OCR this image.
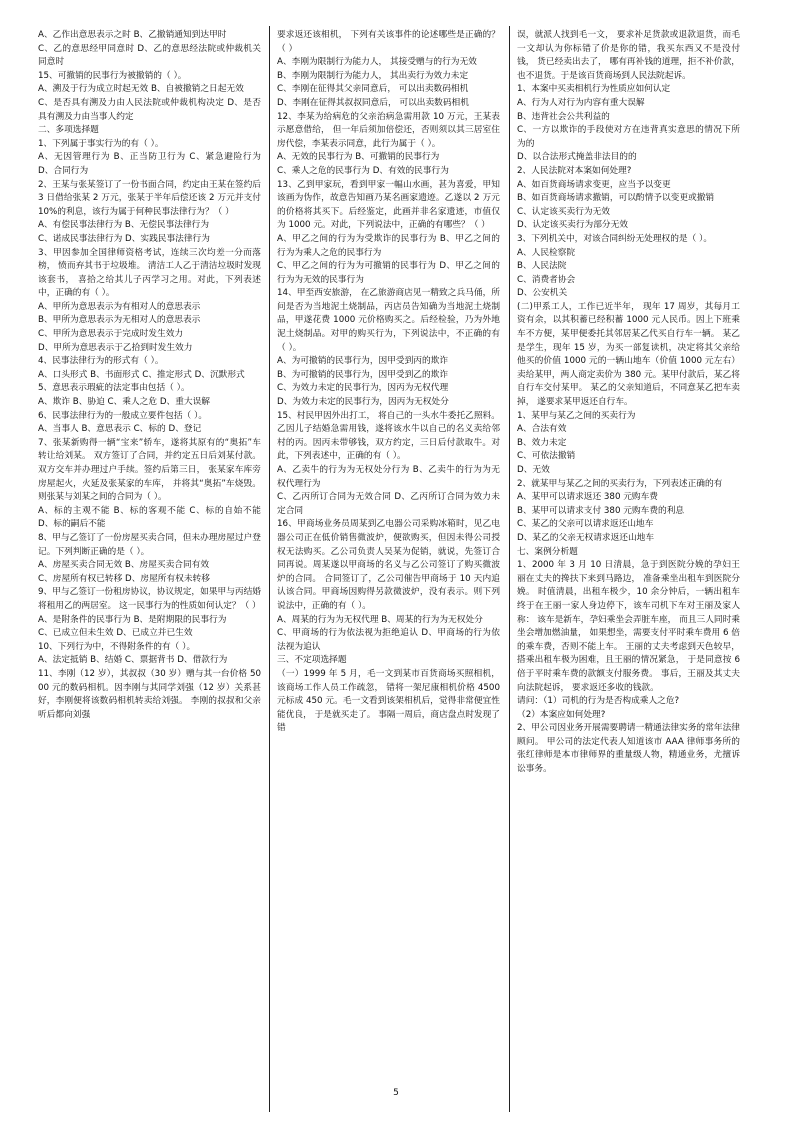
A、乙作出意思表示之时 B、乙撤销通知到达甲时

C、乙的意思经甲同意时 D、乙的意思经法院或仲裁机关同意时

15、可撤销的民事行为被撤销的（ ）。

A、溯及于行为成立时起无效 B、自被撤销之日起无效

C、是否具有溯及力由人民法院或仲裁机构决定 D、是否具有溯及力由当事人约定

二、多项选择题

1、下列属于事实行为的有（ ）。

A、无因管理行为 B、正当防卫行为 C、紧急避险行为 D、合同行为

2、王某与张某签订了一份书面合同，约定由王某在签约后 3 日借给张某 2 万元，张某于半年后偿还该 2 万元并支付 10%的利息，该行为属于何种民事法律行为？（ ）

A、有偿民事法律行为 B、无偿民事法律行为

C、诺成民事法律行为 D、实践民事法律行为

3、甲因参加全国律师资格考试，连续三次均差一分而落榜， 愤而弃其书于垃圾堆。 清洁工人乙于清洁垃圾时发现该套书， 喜拾之给其儿子丙学习之用。对此，下列表述中，正确的有（ ）。

A、甲所为意思表示为有相对人的意思表示

B、甲所为意思表示为无相对人的意思表示

C、甲所为意思表示于完成时发生效力

D、甲所为意思表示于乙拾到时发生效力

4、民事法律行为的形式有（ ）。

A、口头形式 B、书面形式 C、推定形式 D、沉默形式

5、意思表示瑕疵的法定事由包括（ ）。

A、欺诈 B、胁迫 C、乘人之危 D、重大误解

6、民事法律行为的一般成立要件包括（ ）。

A、当事人 B、意思表示 C、标的 D、登记

7、张某新购得一辆“宝来”轿车，遂将其原有的“奥拓”车转让给刘某。 双方签订了合同，并约定五日后刘某付款。 双方交车并办理过户手续。签约后第三日， 张某家车库旁房屋起火，火延及张某家的车库， 并将其“奥拓”车烧毁。则张某与刘某之间的合同为（ ）。

A、标的主观不能 B、标的客观不能 C、标的自始不能 D、标的嗣后不能

8、甲与乙签订了一份房屋买卖合同，但未办理房屋过户登记。下列判断正确的是（ ）。

A、房屋买卖合同无效 B、房屋买卖合同有效

C、房屋所有权已转移 D、房屋所有权未转移

9、甲与乙签订一份租房协议，协议规定，如果甲与丙结婚将租用乙的两居室。 这一民事行为的性质如何认定？（ ）

A、是附条件的民事行为 B、是附期限的民事行为

C、已成立但未生效 D、已成立并已生效

10、下列行为中，不得附条件的有（ ）。

A、法定抵销 B、结婚 C、票据背书 D、借款行为

11、李刚（12 岁），其叔叔（30 岁）赠与其一台价格 5000 元的数码相机。因李刚与其同学刘强（12 岁）关系甚好，李刚便将该数码相机转卖给刘强。 李刚的叔叔和父亲听后都向刘强

要求返还该相机， 下列有关该事件的论述哪些是正确的？（ ）

A、李刚为限制行为能力人， 其接受赠与的行为无效

B、李刚为限制行为能力人， 其出卖行为效力未定

C、李刚在征得其父亲同意后， 可以出卖数码相机

D、李刚在征得其叔叔同意后， 可以出卖数码相机

12、李某为给病危的父亲治病急需用款 10 万元，王某表示愿意借给， 但一年后须加倍偿还，否则须以其三居室住房代偿，李某表示同意，此行为属于（ ）。

A、无效的民事行为 B、可撤销的民事行为

C、乘人之危的民事行为 D、有效的民事行为

13、乙到甲家玩，看到甲家一幅山水画，甚为喜爱，甲知该画为伪作，故意告知画乃某名画家遗迹。乙遂以 2 万元的价格将其买下。后经鉴定，此画并非名家遗迹，市值仅为 1000 元。对此，下列说法中，正确的有哪些？（ ）

A、甲乙之间的行为为受欺诈的民事行为 B、甲乙之间的行为为乘人之危的民事行为

C、甲乙之间的行为为可撤销的民事行为 D、甲乙之间的行为为无效的民事行为

14、甲至西安旅游， 在乙旅游商店见一精致之兵马俑，所问是否为当地泥土烧制品，丙店员告知确为当地泥土烧制品，甲遂花费 1000 元价格购买之。后经检验，乃为外地泥土烧制品。对甲的购买行为，下列说法中，不正确的有（ ）。

A、为可撤销的民事行为，因甲受到丙的欺诈

B、为可撤销的民事行为，因甲受到乙的欺诈

C、为效力未定的民事行为，因丙为无权代理

D、为效力未定的民事行为，因丙为无权处分

15、村民甲因外出打工， 将自己的一头水牛委托乙照料。 乙因儿子结婚急需用钱，遂将该水牛以自己的名义卖给邻村的丙。因丙未带够钱，双方约定，三日后付款取牛。对此，下列表述中，正确的有（ ）。

A、乙卖牛的行为为无权处分行为 B、乙卖牛的行为为无权代理行为

C、乙丙所订合同为无效合同 D、乙丙所订合同为效力未定合同

16、甲商场业务员周某到乙电器公司采购冰箱时，见乙电器公司正在低价销售微波炉，便欲购买，但因未得公司授权无法购买。乙公司负责人吴某为促销，就说，先签订合同再说。周某遂以甲商场的名义与乙公司签订了购买微波炉的合同。 合同签订了，乙公司催告甲商场于 10 天内追认该合同。甲商场因购得另款微波炉，没有表示。则下列说法中，正确的有（ ）。

A、周某的行为为无权代理 B、周某的行为为无权处分

C、甲商场的行为依法视为拒绝追认 D、甲商场的行为依法视为追认

三、不定项选择题

（一）1999 年 5 月，毛一文到某市百货商场买照相机，该商场工作人员工作疏忽， 错将一架尼康相机价格 4500 元标成 450 元。毛一文看到该架相机后，觉得非常便宜性能优良， 于是就买走了。 事隔一周后，商店盘点时发现了错

误，就派人找到毛一文， 要求补足货款或退款退货，而毛一文却认为你标错了价是你的错，我买东西又不是没付钱， 货已经卖出去了， 哪有再补钱的道理，拒不补价款，也不退货。于是该百货商场到人民法院起诉。

1、本案中买卖相机行为性质应如何认定

A、行为人对行为内容有重大误解

B、违背社会公共利益的

C、一方以欺诈的手段使对方在违背真实意思的情况下所为的

D、以合法形式掩盖非法目的的

2、人民法院对本案如何处理?

A、如百货商场请求变更，应当予以变更

B、如百货商场请求撤销，可以酌情予以变更或撤销

C、认定该买卖行为无效

D、认定该买卖行为部分无效

3、下列机关中，对该合同纠纷无处理权的是（ ）。

A、人民检察院

B、人民法院

C、消费者协会

D、公安机关

(二)甲系工人，工作已近半年， 现年 17 周岁，其每月工资有余，以其积蓄已经积蓄 1000 元人民币。因上下班乘车不方便，某甲便委托其邻居某乙代买自行车一辆。 某乙是学生，现年 15 岁，为买一部复读机，决定将其父亲给他买的价值 1000 元的一辆山地车（价值 1000 元左右）卖给某甲，两人商定卖价为 380 元。某甲付款后，某乙将自行车交付某甲。 某乙的父亲知道后，不同意某乙把车卖掉， 遂要求某甲返还自行车。

1、某甲与某乙之间的买卖行为

A、合法有效

B、效力未定

C、可依法撤销

D、无效

2、就某甲与某乙之间的买卖行为，下列表述正确的有

A、某甲可以请求返还 380 元购车费

B、某甲可以请求支付 380 元购车费的利息

C、某乙的父亲可以请求返还山地车

D、某乙的父亲无权请求返还山地车

七、案例分析题

1、2000 年 3 月 10 日清晨，急于到医院分娩的孕妇王丽在丈夫的搀扶下来到马路边， 准备乘坐出租车到医院分娩。 时值清晨，出租车极少，10 余分钟后，一辆出租车终于在王丽一家人身边停下，该车司机下车对王丽及家人称： 该车是新车，孕妇乘坐会弄脏车座， 而且三人同时乘坐会增加燃油量， 如果想坐，需要支付平时乘车费用 6 倍的乘车费，否则不能上车。 王丽的丈夫考虑到天色较早，搭乘出租车极为困难，且王丽的情况紧急， 于是同意按 6 倍于平时乘车费的款额支付服务费。 事后，王丽及其丈夫向法院起诉， 要求返还多收的钱款。

请问：（1）司机的行为是否构成乘人之危?

（2）本案应如何处理?

2、甲公司因业务开展需要聘请一精通法律实务的常年法律顾问。 甲公司的法定代表人知道该市 AAA 律师事务所的张红律师是本市律师界的重量级人物，精通业务，尤擅诉讼事务。

5
